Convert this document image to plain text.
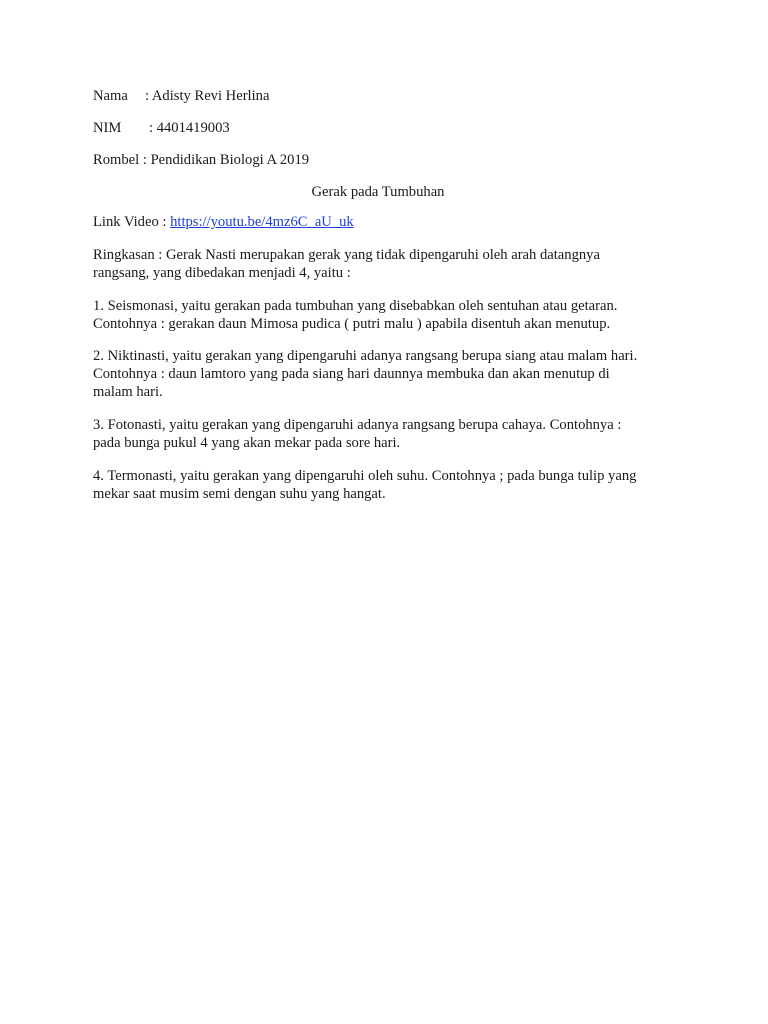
Nama : Adisty Revi Herlina
NIM : 4401419003
Rombel : Pendidikan Biologi A 2019
Gerak pada Tumbuhan
Link Video : https://youtu.be/4mz6C_aU_uk
Ringkasan : Gerak Nasti merupakan gerak yang tidak dipengaruhi oleh arah datangnya
rangsang, yang dibedakan menjadi 4, yaitu :
1. Seismonasi, yaitu gerakan pada tumbuhan yang disebabkan oleh sentuhan atau getaran.
Contohnya : gerakan daun Mimosa pudica ( putri malu ) apabila disentuh akan menutup.
2. Niktinasti, yaitu gerakan yang dipengaruhi adanya rangsang berupa siang atau malam hari.
Contohnya : daun lamtoro yang pada siang hari daunnya membuka dan akan menutup di
malam hari.
3. Fotonasti, yaitu gerakan yang dipengaruhi adanya rangsang berupa cahaya. Contohnya :
pada bunga pukul 4 yang akan mekar pada sore hari.
4. Termonasti, yaitu gerakan yang dipengaruhi oleh suhu. Contohnya ; pada bunga tulip yang
mekar saat musim semi dengan suhu yang hangat.
